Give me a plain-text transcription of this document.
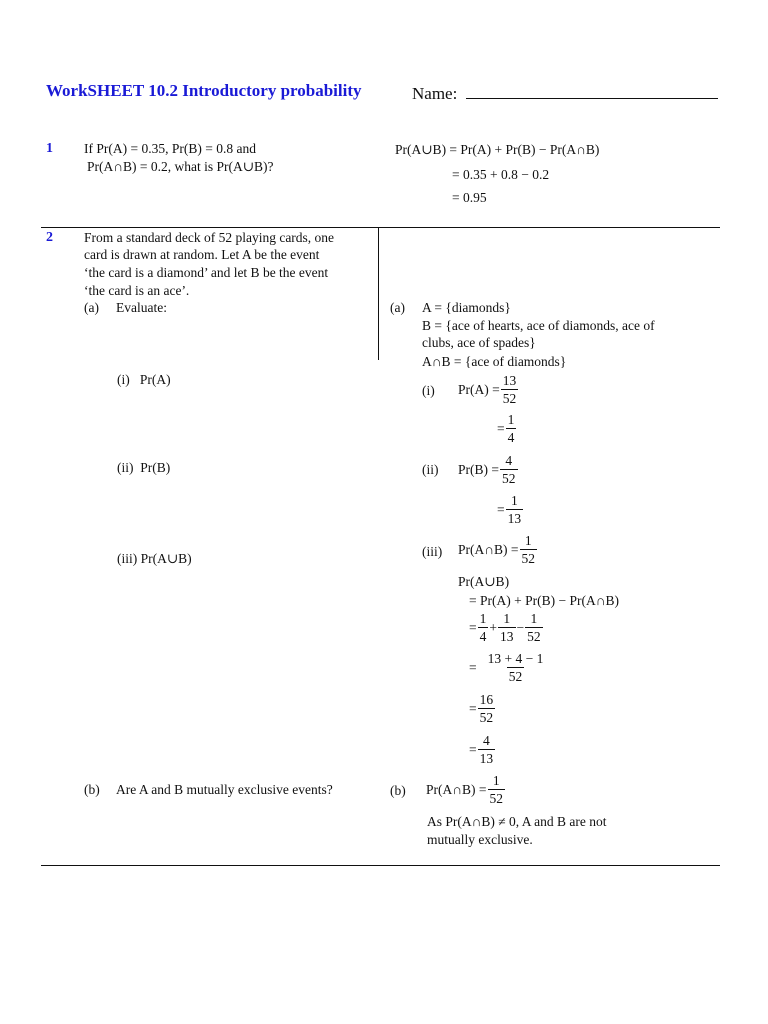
WorkSHEET 10.2 Introductory probability	Name:
1 If Pr(A) = 0.35, Pr(B) = 0.8 and
Pr(A∩B) = 0.2, what is Pr(A∪B)?
Pr(A∪B) = Pr(A) + Pr(B) − Pr(A∩B)
= 0.35 + 0.8 − 0.2
= 0.95
2 From a standard deck of 52 playing cards, one
card is drawn at random. Let A be the event
‘the card is a diamond’ and let B be the event
‘the card is an ace’.
(a) Evaluate:
(i)   Pr(A)
(ii)  Pr(B)
(iii) Pr(A∪B)
(b) Are A and B mutually exclusive events?
(a) A = {diamonds}
B = {ace of hearts, ace of diamonds, ace of
clubs, ace of spades}
A∩B = {ace of diamonds}
(i) $Pr(A) = \frac{13}{52}$
= $\frac{1}{4}$
(ii) $Pr(B) = \frac{4}{52}$
= $\frac{1}{13}$
(iii) Pr(A∩B) = $\frac{1}{52}$
Pr(A∪B)
= Pr(A) + Pr(B) − Pr(A∩B)
= $\frac{1}{4} + \frac{1}{13} - \frac{1}{52}$
= $\frac{13 + 4 - 1}{52}$
= $\frac{16}{52}$
= $\frac{4}{13}$
(b) Pr(A∩B) = $\frac{1}{52}$
As Pr(A∩B) ≠ 0, A and B are not
mutually exclusive.
